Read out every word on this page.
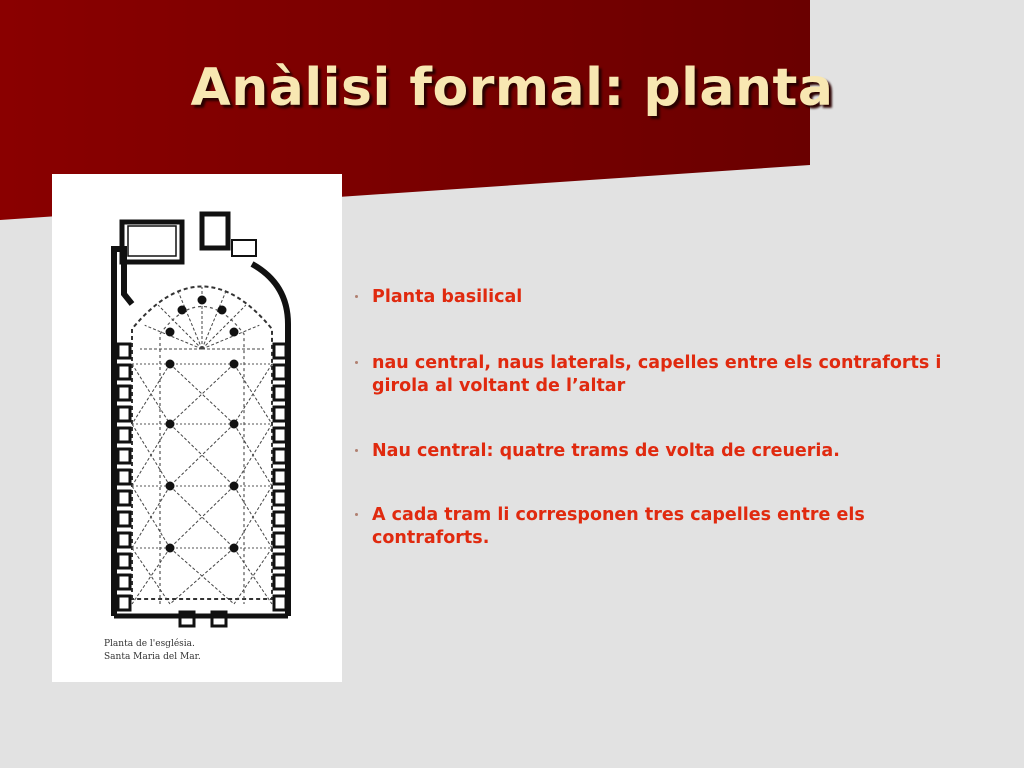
Anàlisi formal: planta
Planta de l'església.
Santa Maria del Mar.
Planta basilical
nau central, naus laterals, capelles entre els contraforts i girola al voltant de l’altar
Nau central: quatre trams de volta de creueria.
A cada tram li corresponen tres capelles entre els contraforts.
